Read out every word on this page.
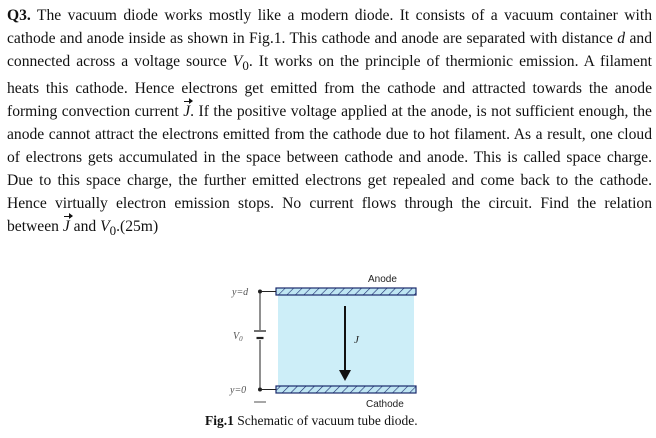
Q3. The vacuum diode works mostly like a modern diode. It consists of a vacuum container with cathode and anode inside as shown in Fig.1. This cathode and anode are separated with distance d and connected across a voltage source $V_0$. It works on the principle of thermionic emission. A filament heats this cathode. Hence electrons get emitted from the cathode and attracted towards the anode forming convection current J. If the positive voltage applied at the anode, is not sufficient enough, the anode cannot attract the electrons emitted from the cathode due to hot filament. As a result, one cloud of electrons gets accumulated in the space between cathode and anode. This is called space charge. Due to this space charge, the further emitted electrons get repealed and come back to the cathode. Hence virtually electron emission stops. No current flows through the circuit. Find the relation between J and $V_0.(25m)$

Anode
Cathode
y=d
y=0
$V_0$	J
Fig.1 Schematic of vacuum tube diode.
